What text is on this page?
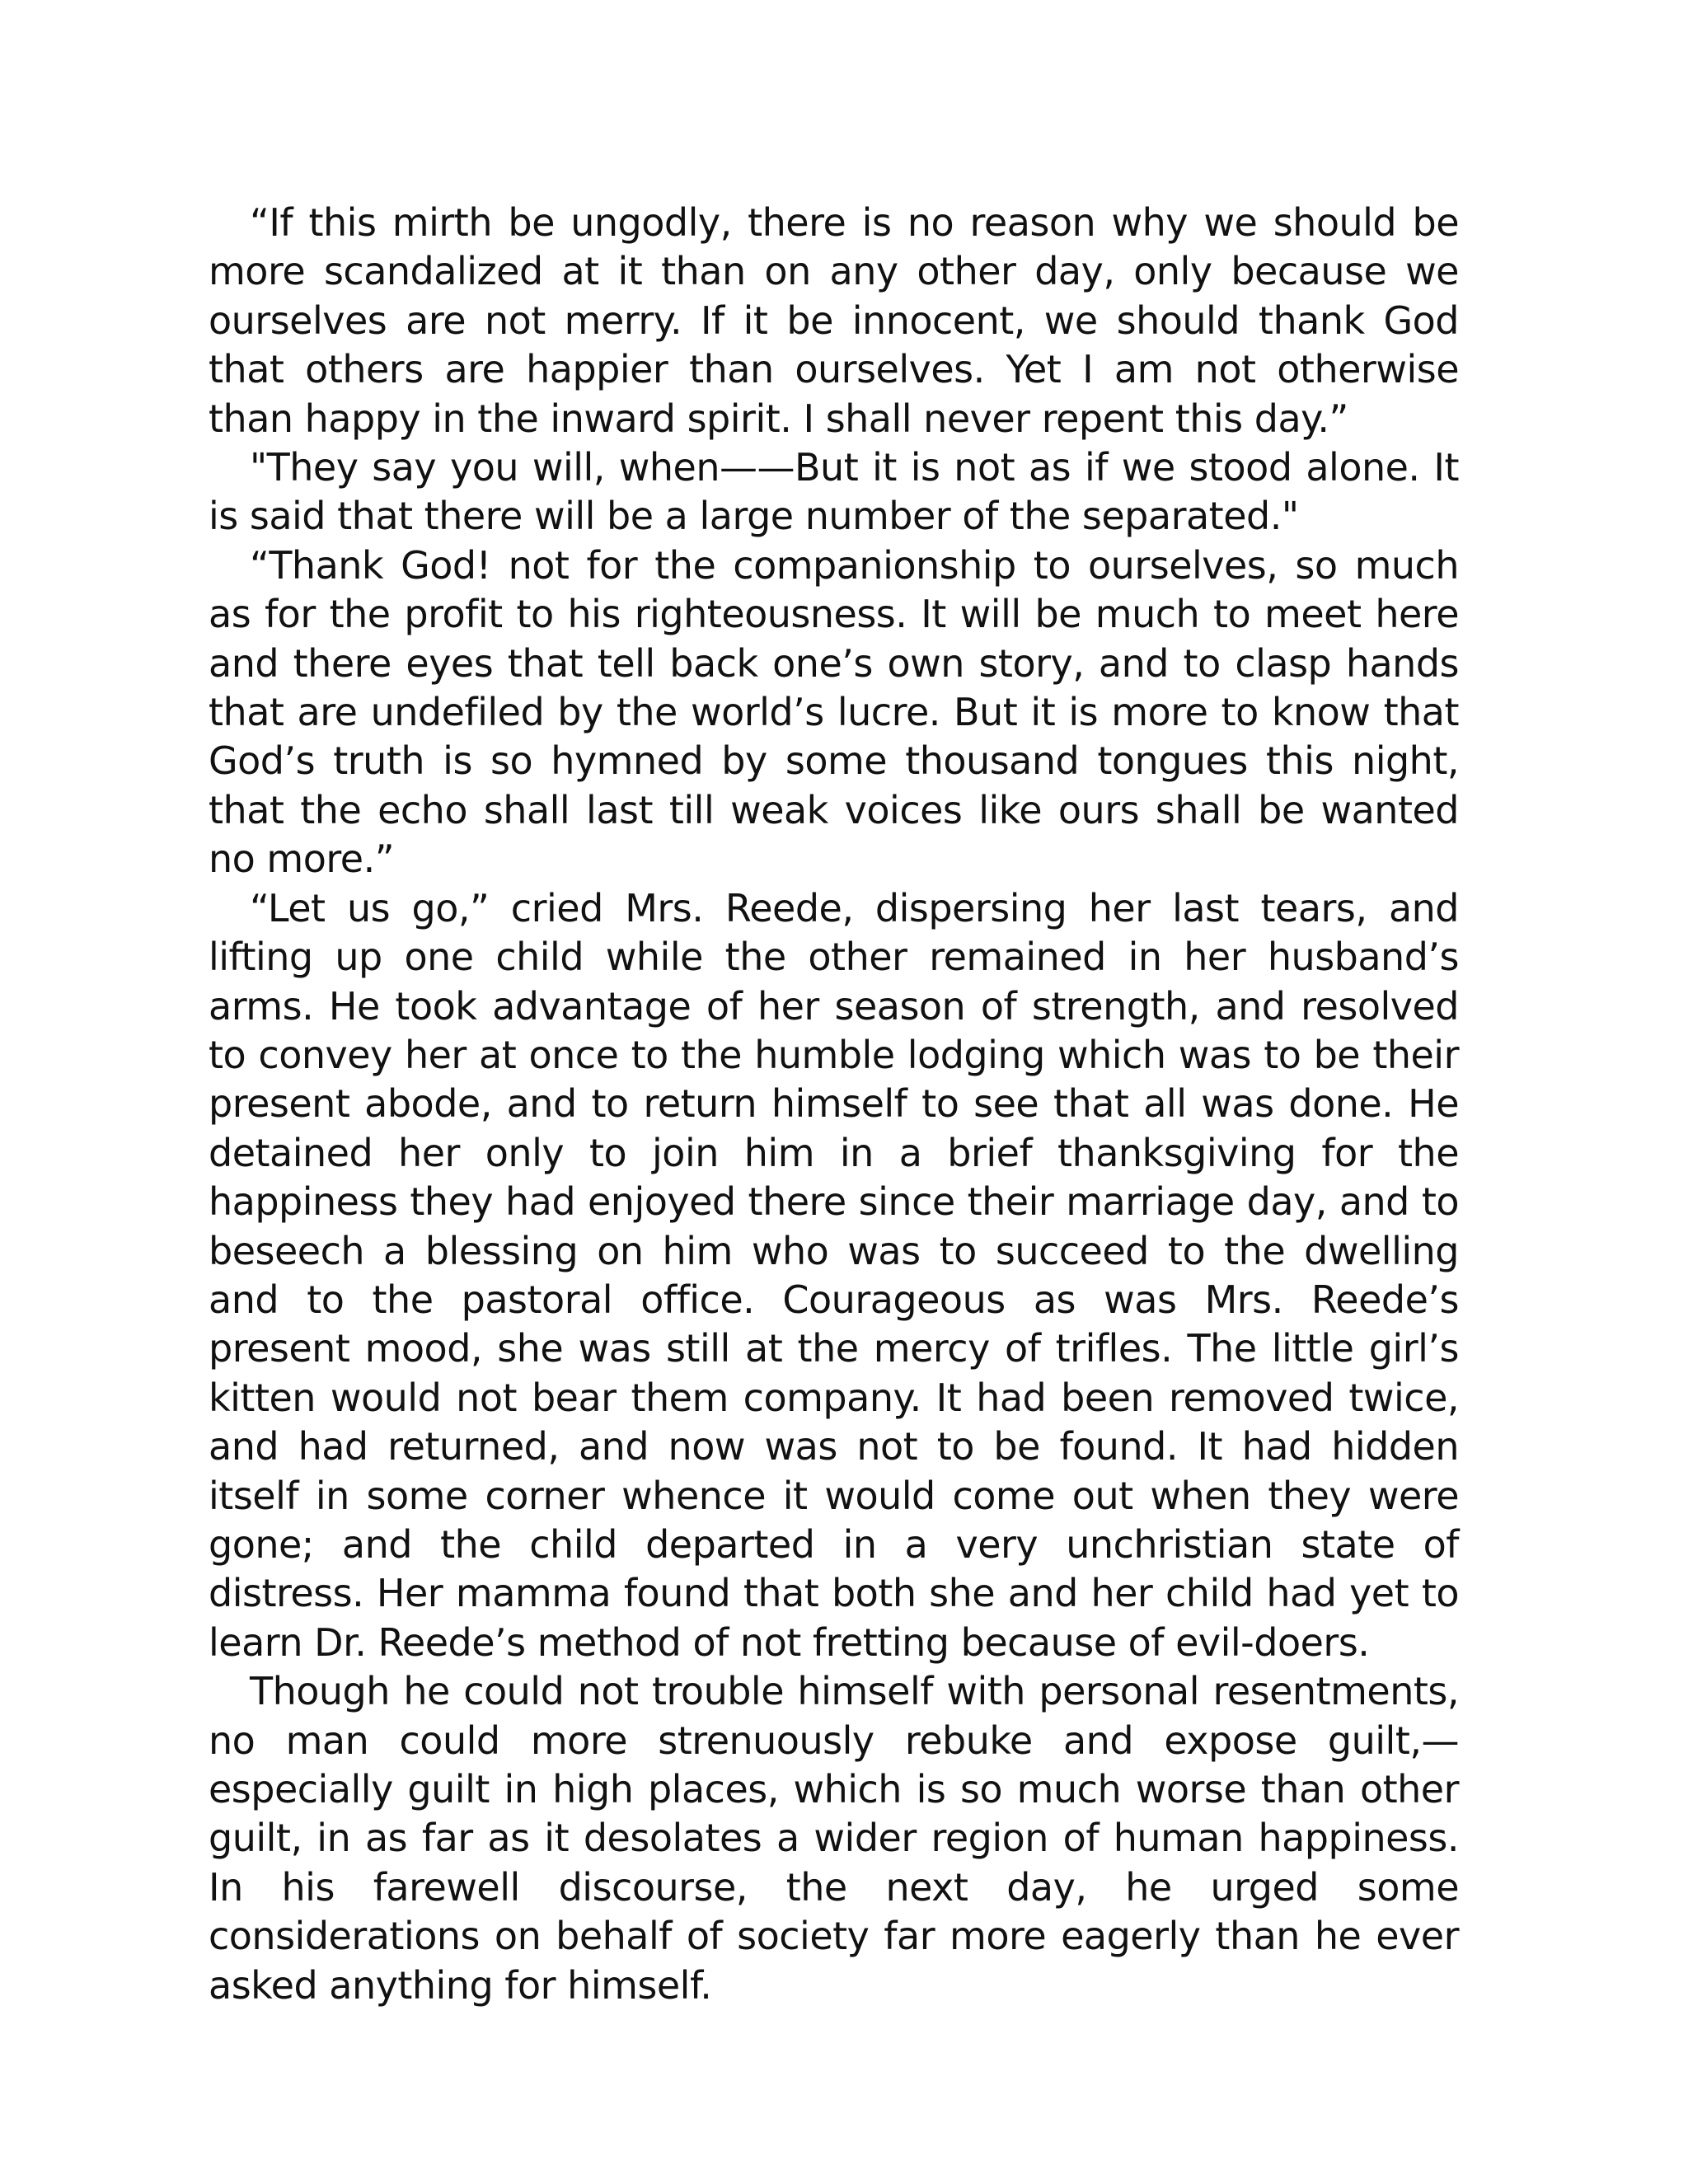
“If this mirth be ungodly, there is no reason why we should be more scandalized at it than on any other day, only because we ourselves are not merry. If it be innocent, we should thank God that others are happier than ourselves. Yet I am not otherwise than happy in the inward spirit. I shall never repent this day.”

"They say you will, when——But it is not as if we stood alone. It is said that there will be a large number of the separated."

“Thank God! not for the companionship to ourselves, so much as for the profit to his righteousness. It will be much to meet here and there eyes that tell back one’s own story, and to clasp hands that are undefiled by the world’s lucre. But it is more to know that God’s truth is so hymned by some thousand tongues this night, that the echo shall last till weak voices like ours shall be wanted no more.”

“Let us go,” cried Mrs. Reede, dispersing her last tears, and lifting up one child while the other remained in her husband’s arms. He took advantage of her season of strength, and resolved to convey her at once to the humble lodging which was to be their present abode, and to return himself to see that all was done. He detained her only to join him in a brief thanksgiving for the happiness they had enjoyed there since their marriage day, and to beseech a blessing on him who was to succeed to the dwelling and to the pastoral office. Courageous as was Mrs. Reede’s present mood, she was still at the mercy of trifles. The little girl’s kitten would not bear them company. It had been removed twice, and had returned, and now was not to be found. It had hidden itself in some corner whence it would come out when they were gone; and the child departed in a very unchristian state of distress. Her mamma found that both she and her child had yet to learn Dr. Reede’s method of not fretting because of evil-doers.

Though he could not trouble himself with personal resentments, no man could more strenuously rebuke and expose guilt,—especially guilt in high places, which is so much worse than other guilt, in as far as it desolates a wider region of human happiness. In his farewell discourse, the next day, he urged some considerations on behalf of society far more eagerly than he ever asked anything for himself.
